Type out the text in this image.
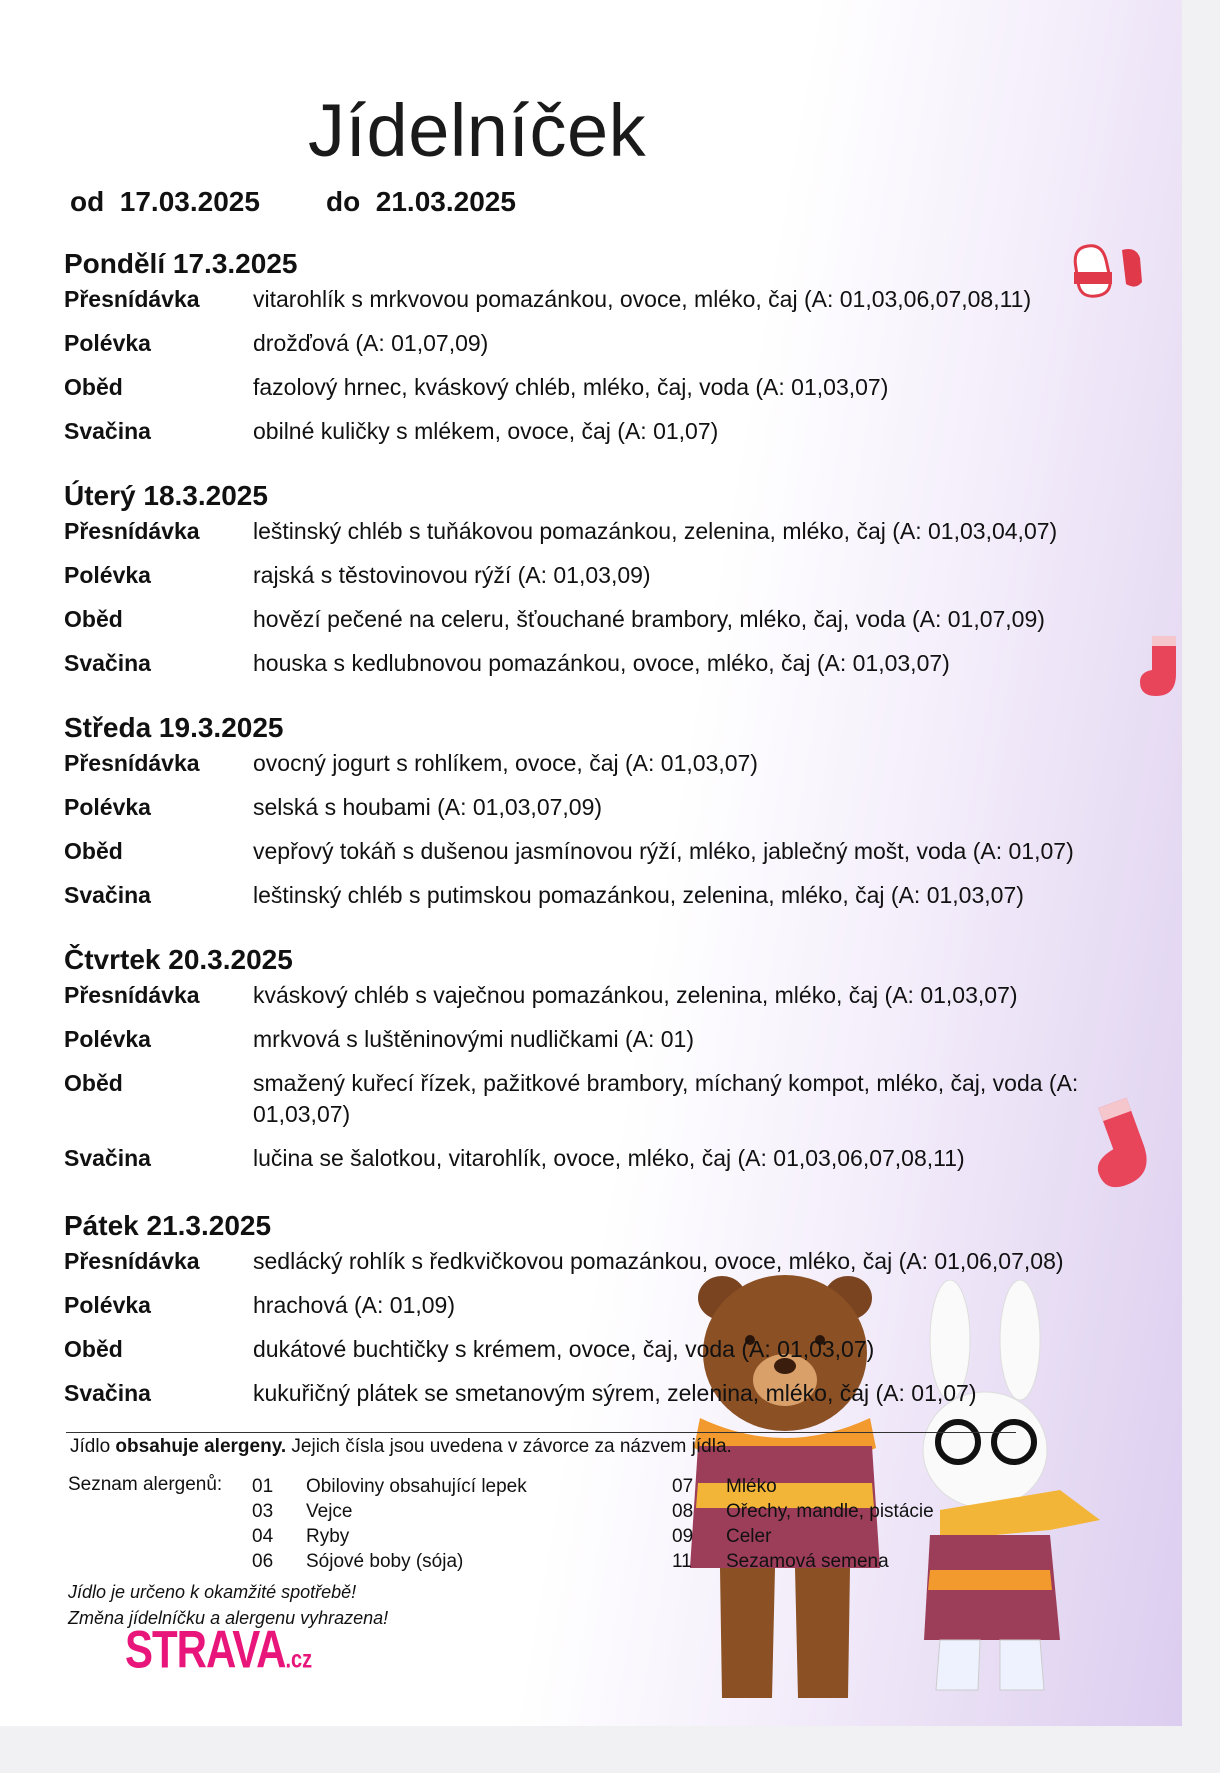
Jídelníček
od 17.03.2025 do 21.03.2025
Pondělí 17.3.2025
Přesnídávka	vitarohlík s mrkvovou pomazánkou, ovoce, mléko, čaj (A: 01,03,06,07,08,11)
Polévka	drožďová (A: 01,07,09)
Oběd	fazolový hrnec, kváskový chléb, mléko, čaj, voda (A: 01,03,07)
Svačina	obilné kuličky s mlékem, ovoce, čaj (A: 01,07)
Úterý 18.3.2025
Přesnídávka	leštinský chléb s tuňákovou pomazánkou, zelenina, mléko, čaj (A: 01,03,04,07)
Polévka	rajská s těstovinovou rýží (A: 01,03,09)
Oběd	hovězí pečené na celeru, šťouchané brambory, mléko, čaj, voda (A: 01,07,09)
Svačina	houska s kedlubnovou pomazánkou, ovoce, mléko, čaj (A: 01,03,07)
Středa 19.3.2025
Přesnídávka	ovocný jogurt s rohlíkem, ovoce, čaj (A: 01,03,07)
Polévka	selská s houbami (A: 01,03,07,09)
Oběd	vepřový tokáň s dušenou jasmínovou rýží, mléko, jablečný mošt, voda (A: 01,07)
Svačina	leštinský chléb s putimskou pomazánkou, zelenina, mléko, čaj (A: 01,03,07)
Čtvrtek 20.3.2025
Přesnídávka	kváskový chléb s vaječnou pomazánkou, zelenina, mléko, čaj (A: 01,03,07)
Polévka	mrkvová s luštěninovými nudličkami (A: 01)
Oběd	smažený kuřecí řízek, pažitkové brambory, míchaný kompot, mléko, čaj, voda (A: 01,03,07)
Svačina	lučina se šalotkou, vitarohlík, ovoce, mléko, čaj (A: 01,03,06,07,08,11)
Pátek 21.3.2025
Přesnídávka	sedlácký rohlík s ředkvičkovou pomazánkou, ovoce, mléko, čaj (A: 01,06,07,08)
Polévka	hrachová (A: 01,09)
Oběd	dukátové buchtičky s krémem, ovoce, čaj, voda (A: 01,03,07)
Svačina	kukuřičný plátek se smetanovým sýrem, zelenina, mléko, čaj (A: 01,07)
Jídlo obsahuje alergeny. Jejich čísla jsou uvedena v závorce za názvem jídla.
Seznam alergenů: 01	Obiloviny obsahující lepek
03	Vejce
04	Ryby
06	Sójové boby (sója)
07	Mléko
08	Ořechy, mandle, pistácie
09	Celer
11	Sezamová semena
Jídlo je určeno k okamžité spotřebě!
Změna jídelníčku a alergenu vyhrazena!
STRAVA.cz
